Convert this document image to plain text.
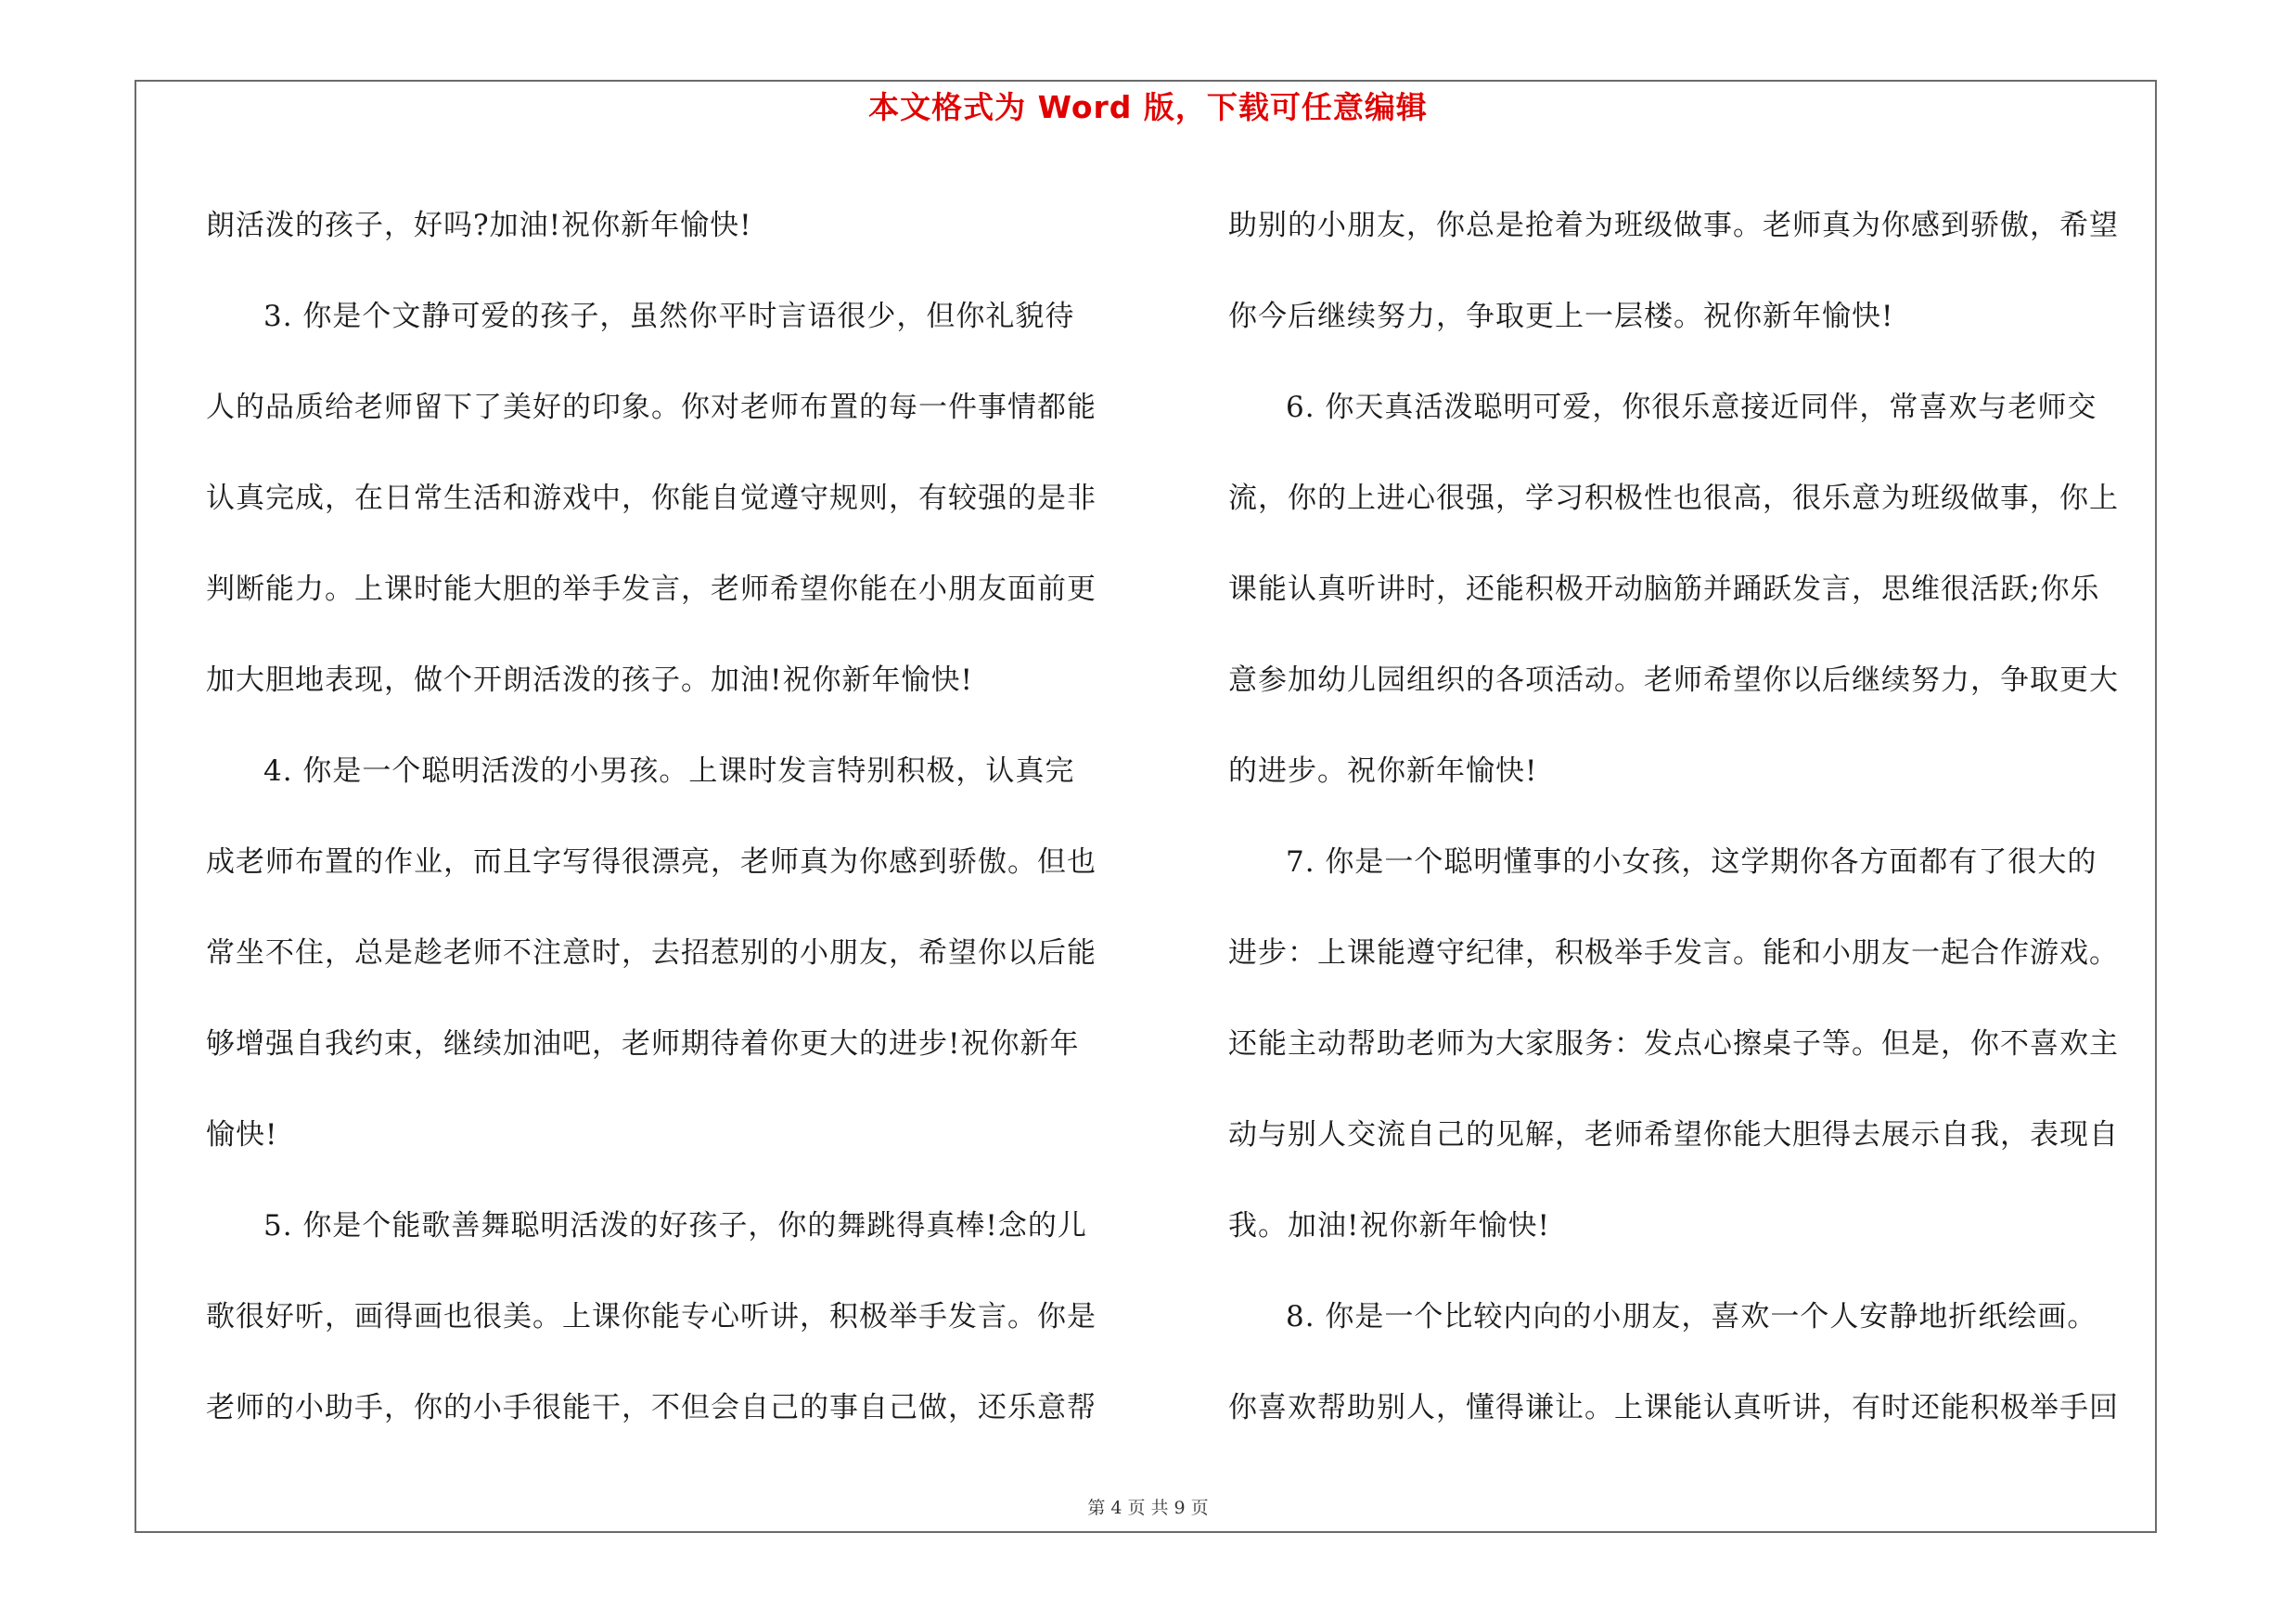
本文格式为 Word 版，下载可任意编辑
朗活泼的孩子，好吗?加油!祝你新年愉快!
3. 你是个文静可爱的孩子，虽然你平时言语很少，但你礼貌待
人的品质给老师留下了美好的印象。你对老师布置的每一件事情都能
认真完成，在日常生活和游戏中，你能自觉遵守规则，有较强的是非
判断能力。上课时能大胆的举手发言，老师希望你能在小朋友面前更
加大胆地表现，做个开朗活泼的孩子。加油!祝你新年愉快!
4. 你是一个聪明活泼的小男孩。上课时发言特别积极，认真完
成老师布置的作业，而且字写得很漂亮，老师真为你感到骄傲。但也
常坐不住，总是趁老师不注意时，去招惹别的小朋友，希望你以后能
够增强自我约束，继续加油吧，老师期待着你更大的进步!祝你新年
愉快!
5. 你是个能歌善舞聪明活泼的好孩子，你的舞跳得真棒!念的儿
歌很好听，画得画也很美。上课你能专心听讲，积极举手发言。你是
老师的小助手，你的小手很能干，不但会自己的事自己做，还乐意帮
助别的小朋友，你总是抢着为班级做事。老师真为你感到骄傲，希望
你今后继续努力，争取更上一层楼。祝你新年愉快!
6. 你天真活泼聪明可爱，你很乐意接近同伴，常喜欢与老师交
流，你的上进心很强，学习积极性也很高，很乐意为班级做事，你上
课能认真听讲时，还能积极开动脑筋并踊跃发言，思维很活跃;你乐
意参加幼儿园组织的各项活动。老师希望你以后继续努力，争取更大
的进步。祝你新年愉快!
7. 你是一个聪明懂事的小女孩，这学期你各方面都有了很大的
进步：上课能遵守纪律，积极举手发言。能和小朋友一起合作游戏。
还能主动帮助老师为大家服务：发点心擦桌子等。但是，你不喜欢主
动与别人交流自己的见解，老师希望你能大胆得去展示自我，表现自
我。加油!祝你新年愉快!
8. 你是一个比较内向的小朋友，喜欢一个人安静地折纸绘画。
你喜欢帮助别人，懂得谦让。上课能认真听讲，有时还能积极举手回
第 4 页 共 9 页
